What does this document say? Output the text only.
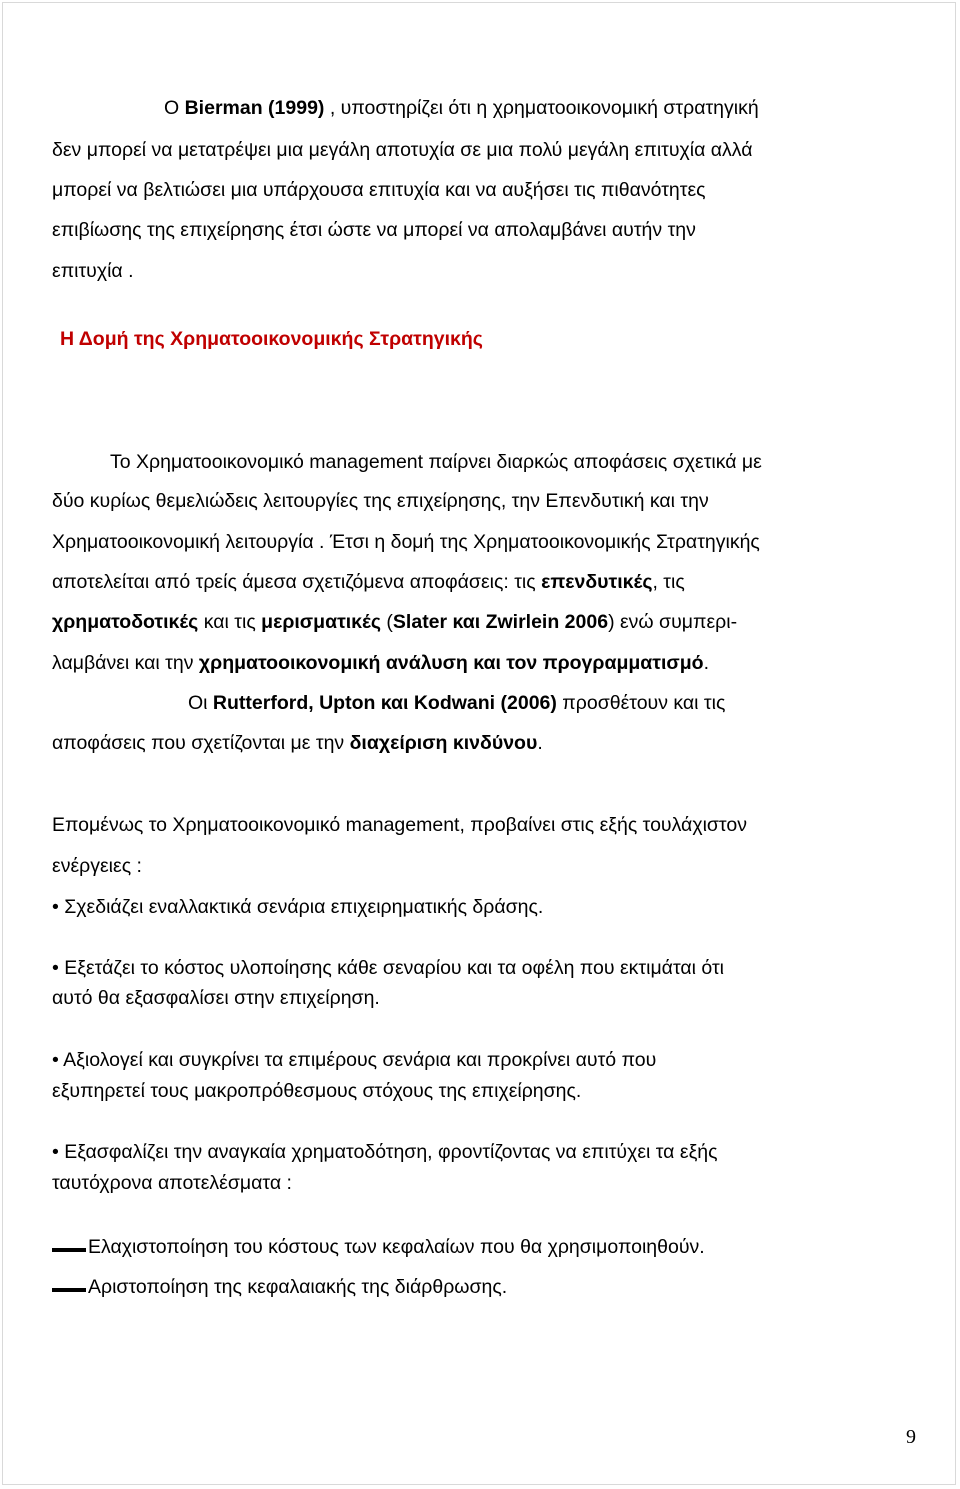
Ο Bierman (1999) , υποστηρίζει ότι η χρηματοοικονομική στρατηγική
δεν μπορεί να μετατρέψει μια μεγάλη αποτυχία σε μια πολύ μεγάλη επιτυχία αλλά
μπορεί να βελτιώσει μια υπάρχουσα επιτυχία και να αυξήσει τις πιθανότητες
επιβίωσης της επιχείρησης έτσι ώστε να μπορεί να απολαμβάνει αυτήν την
επιτυχία .
Η Δομή της Χρηματοοικονομικής Στρατηγικής
Το Χρηματοοικονομικό management παίρνει διαρκώς αποφάσεις σχετικά με
δύο κυρίως θεμελιώδεις λειτουργίες της επιχείρησης, την Επενδυτική και την
Χρηματοοικονομική λειτουργία . Έτσι η δομή της Χρηματοοικονομικής Στρατηγικής
αποτελείται από τρείς άμεσα σχετιζόμενα αποφάσεις: τις επενδυτικές, τις
χρηματοδοτικές και τις μερισματικές (Slater και Zwirlein 2006) ενώ συμπερι-
λαμβάνει και την χρηματοοικονομική ανάλυση και τον προγραμματισμό.
Οι Rutterford, Upton και Kodwani (2006) προσθέτουν και τις
αποφάσεις που σχετίζονται με την διαχείριση κινδύνου.
Επομένως το Χρηματοοικονομικό management, προβαίνει στις εξής τουλάχιστον
ενέργειες :
• Σχεδιάζει εναλλακτικά σενάρια επιχειρηματικής δράσης.
• Εξετάζει το κόστος υλοποίησης κάθε σεναρίου και τα οφέλη που εκτιμάται ότι
αυτό θα εξασφαλίσει στην επιχείρηση.
• Αξιολογεί και συγκρίνει τα επιμέρους σενάρια και προκρίνει αυτό που
εξυπηρετεί τους μακροπρόθεσμους στόχους της επιχείρησης.
• Εξασφαλίζει την αναγκαία χρηματοδότηση, φροντίζοντας να επιτύχει τα εξής
ταυτόχρονα αποτελέσματα :
Ελαχιστοποίηση του κόστους των κεφαλαίων που θα χρησιμοποιηθούν.
Αριστοποίηση της κεφαλαιακής της διάρθρωσης.
9
